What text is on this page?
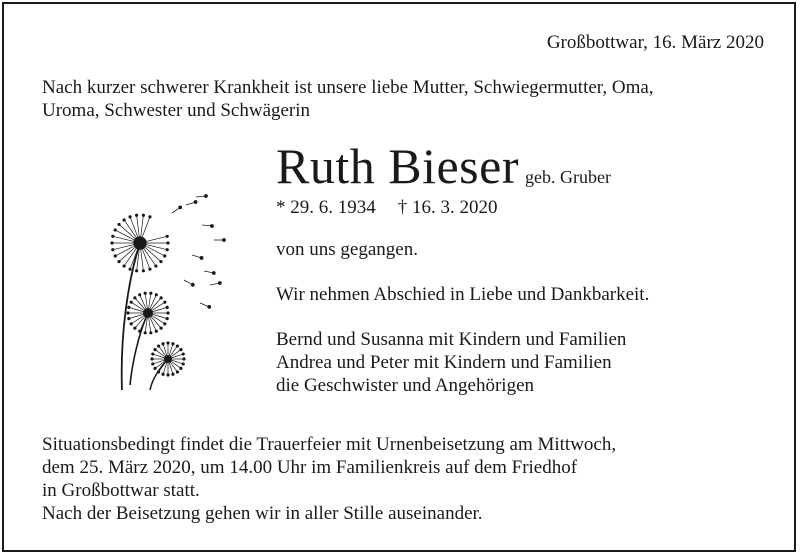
Großbottwar, 16. März 2020
Nach kurzer schwerer Krankheit ist unsere liebe Mutter, Schwiegermutter, Oma,
Uroma, Schwester und Schwägerin
Ruth Bieser geb. Gruber
* 29. 6. 1934 † 16. 3. 2020
von uns gegangen.
Wir nehmen Abschied in Liebe und Dankbarkeit.
Bernd und Susanna mit Kindern und Familien
Andrea und Peter mit Kindern und Familien
die Geschwister und Angehörigen
Situationsbedingt findet die Trauerfeier mit Urnenbeisetzung am Mittwoch,
dem 25. März 2020, um 14.00 Uhr im Familienkreis auf dem Friedhof
in Großbottwar statt.
Nach der Beisetzung gehen wir in aller Stille auseinander.
